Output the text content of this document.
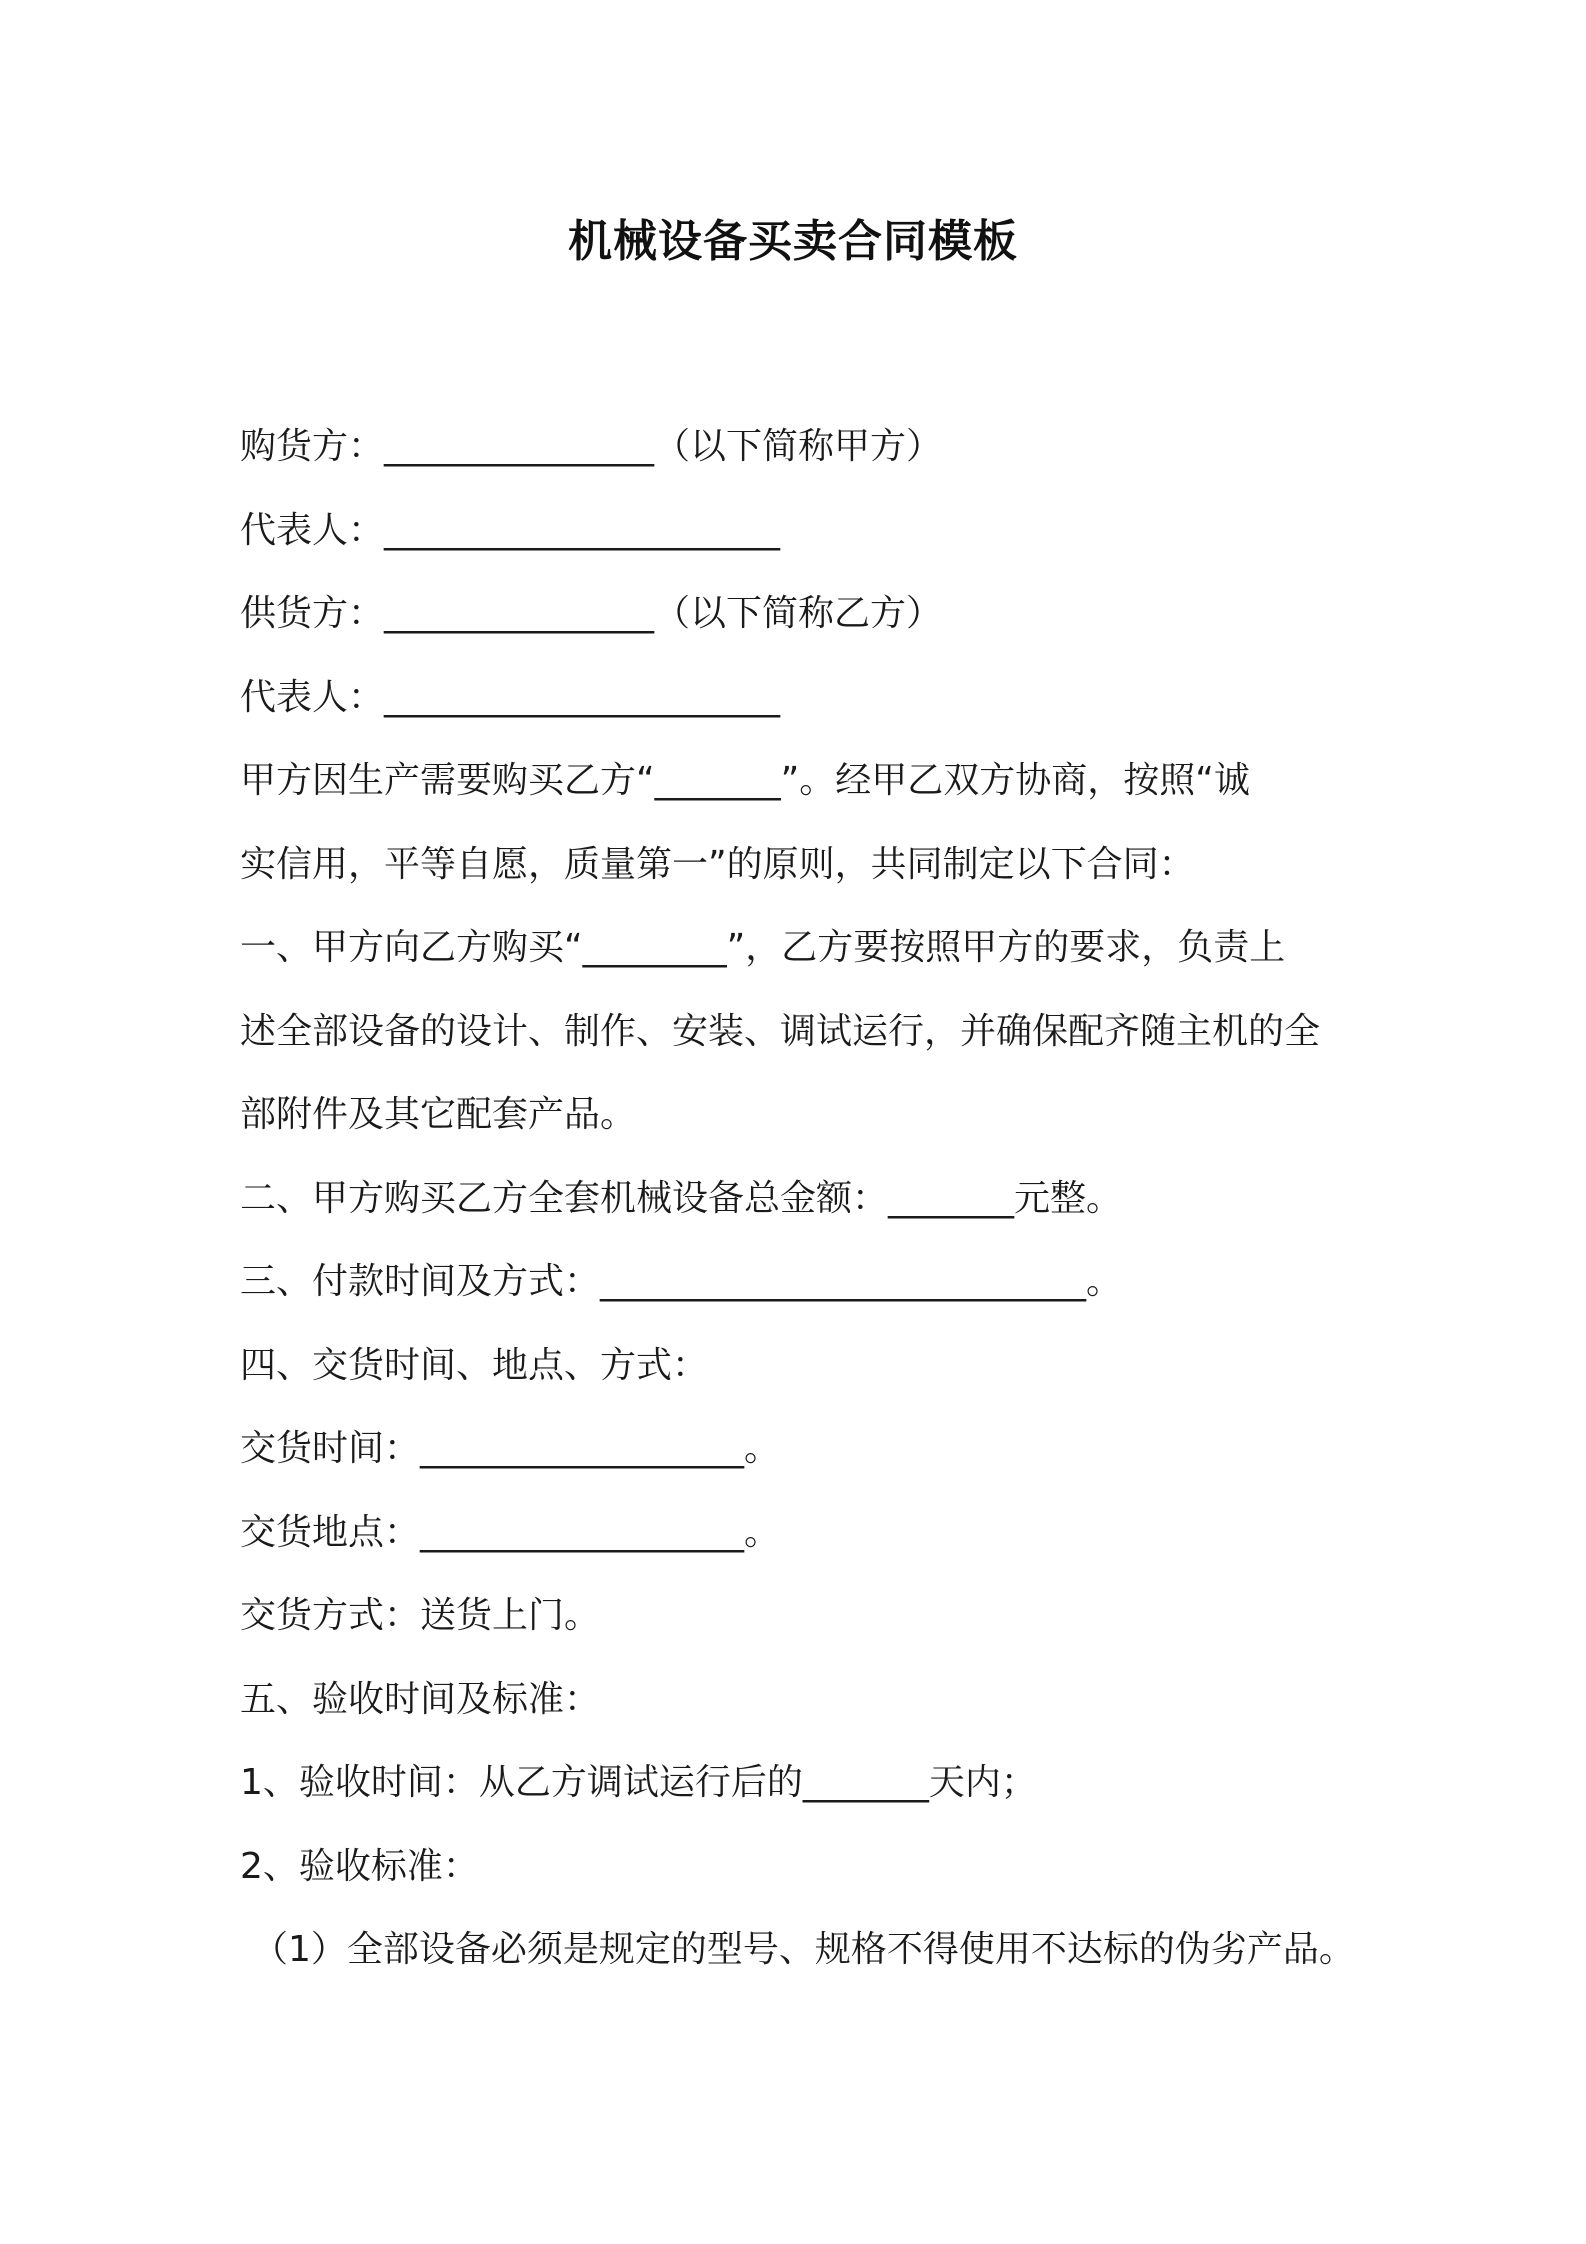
机械设备买卖合同模板
购货方：_______________（以下简称甲方）
代表人：______________________
供货方：_______________（以下简称乙方）
代表人：______________________
甲方因生产需要购买乙方“_______”。经甲乙双方协商，按照“诚
实信用，平等自愿，质量第一”的原则，共同制定以下合同：
一、甲方向乙方购买“________”，乙方要按照甲方的要求，负责上
述全部设备的设计、制作、安装、调试运行，并确保配齐随主机的全
部附件及其它配套产品。
二、甲方购买乙方全套机械设备总金额：_______元整。
三、付款时间及方式：___________________________。
四、交货时间、地点、方式：
交货时间：__________________。
交货地点：__________________。
交货方式：送货上门。
五、验收时间及标准：
1、验收时间：从乙方调试运行后的_______天内；
2、验收标准：
（1）全部设备必须是规定的型号、规格不得使用不达标的伪劣产品。
